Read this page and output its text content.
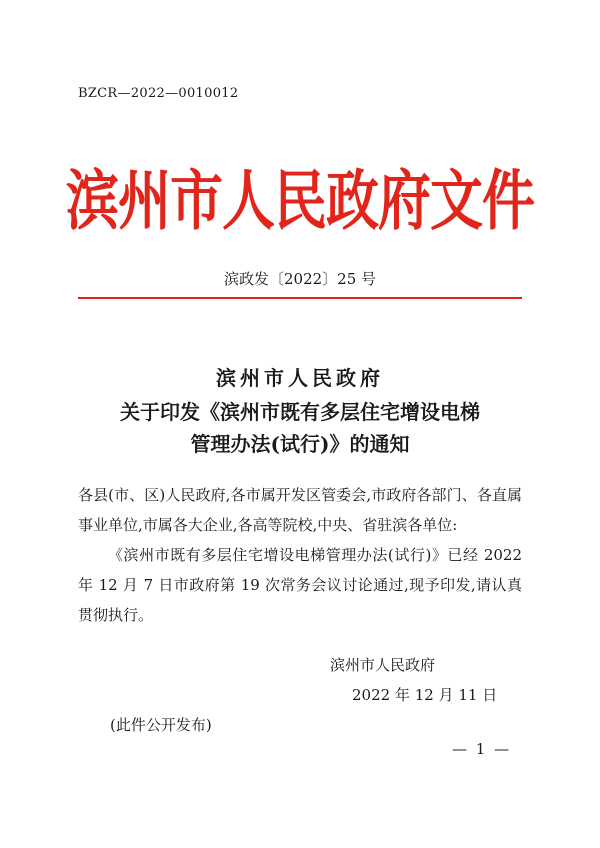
BZCR—2022—0010012
滨州市人民政府文件
滨政发〔2022〕25 号
滨州市人民政府
关于印发《滨州市既有多层住宅增设电梯
管理办法(试行)》的通知
各县(市、区)人民政府,各市属开发区管委会,市政府各部门、各直属事业单位,市属各大企业,各高等院校,中央、省驻滨各单位:
《滨州市既有多层住宅增设电梯管理办法(试行)》已经 2022 年 12 月 7 日市政府第 19 次常务会议讨论通过,现予印发,请认真贯彻执行。
滨州市人民政府
2022 年 12 月 11 日
(此件公开发布)
— 1 —
